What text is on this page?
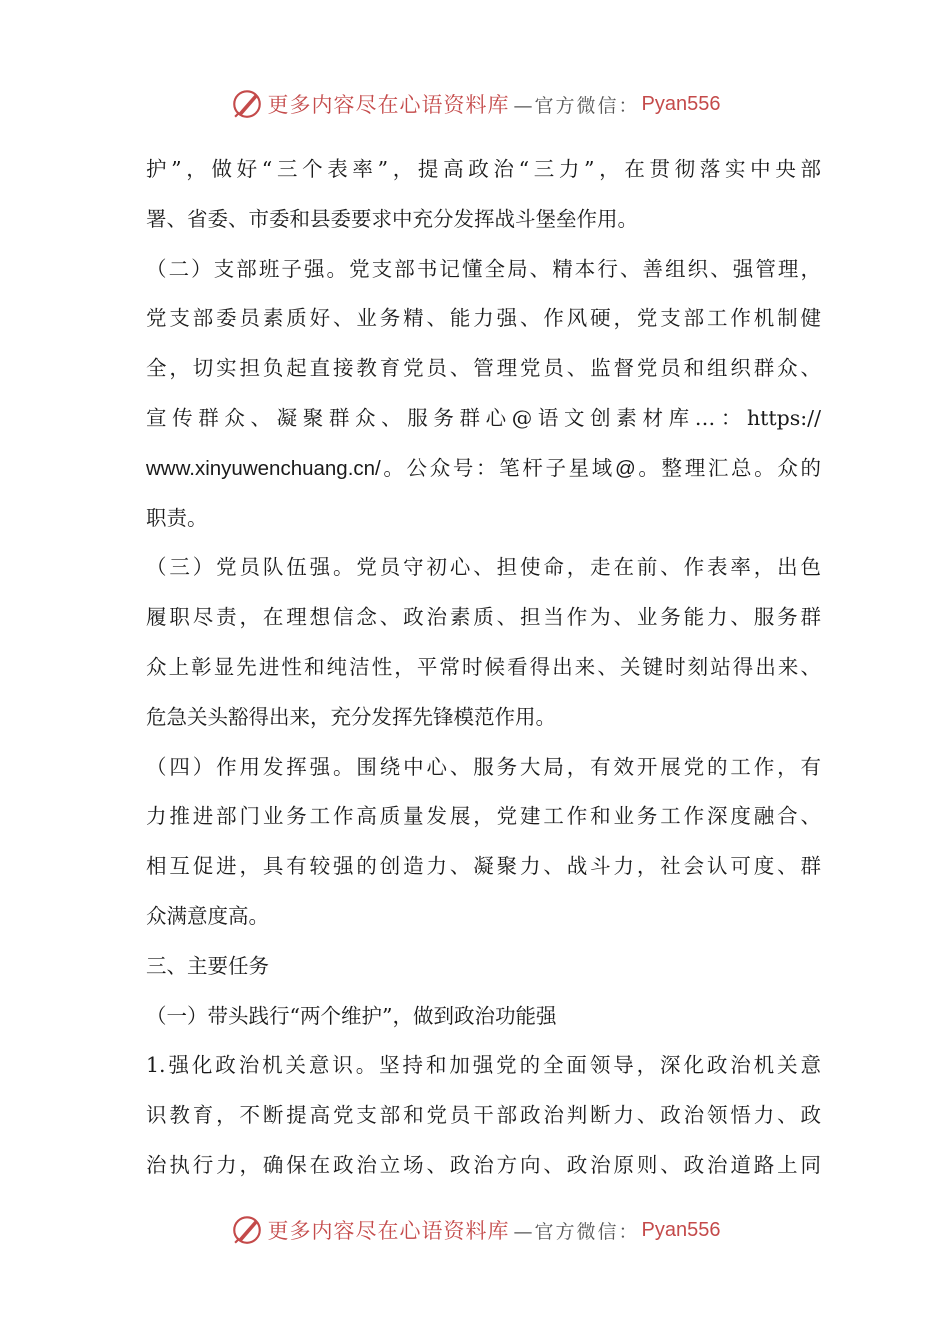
更多内容尽在心语资料库 —官方微信： Pyan556
护”，做好“三个表率”，提高政治“三力”，在贯彻落实中央部
署、省委、市委和县委要求中充分发挥战斗堡垒作用。
（二）支部班子强。党支部书记懂全局、精本行、善组织、强管理，
党支部委员素质好、业务精、能力强、作风硬，党支部工作机制健
全，切实担负起直接教育党员、管理党员、监督党员和组织群众、
宣传群众、凝聚群众、服务群心@语文创素材库…：https://
www.xinyuwenchuang.cn/。公众号：笔杆子星域@。整理汇总。众的
职责。
（三）党员队伍强。党员守初心、担使命，走在前、作表率，出色
履职尽责，在理想信念、政治素质、担当作为、业务能力、服务群
众上彰显先进性和纯洁性，平常时候看得出来、关键时刻站得出来、
危急关头豁得出来，充分发挥先锋模范作用。
（四）作用发挥强。围绕中心、服务大局，有效开展党的工作，有
力推进部门业务工作高质量发展，党建工作和业务工作深度融合、
相互促进，具有较强的创造力、凝聚力、战斗力，社会认可度、群
众满意度高。
三、主要任务
（一）带头践行“两个维护”，做到政治功能强
1.强化政治机关意识。坚持和加强党的全面领导，深化政治机关意
识教育，不断提高党支部和党员干部政治判断力、政治领悟力、政
治执行力，确保在政治立场、政治方向、政治原则、政治道路上同
更多内容尽在心语资料库 —官方微信： Pyan556
